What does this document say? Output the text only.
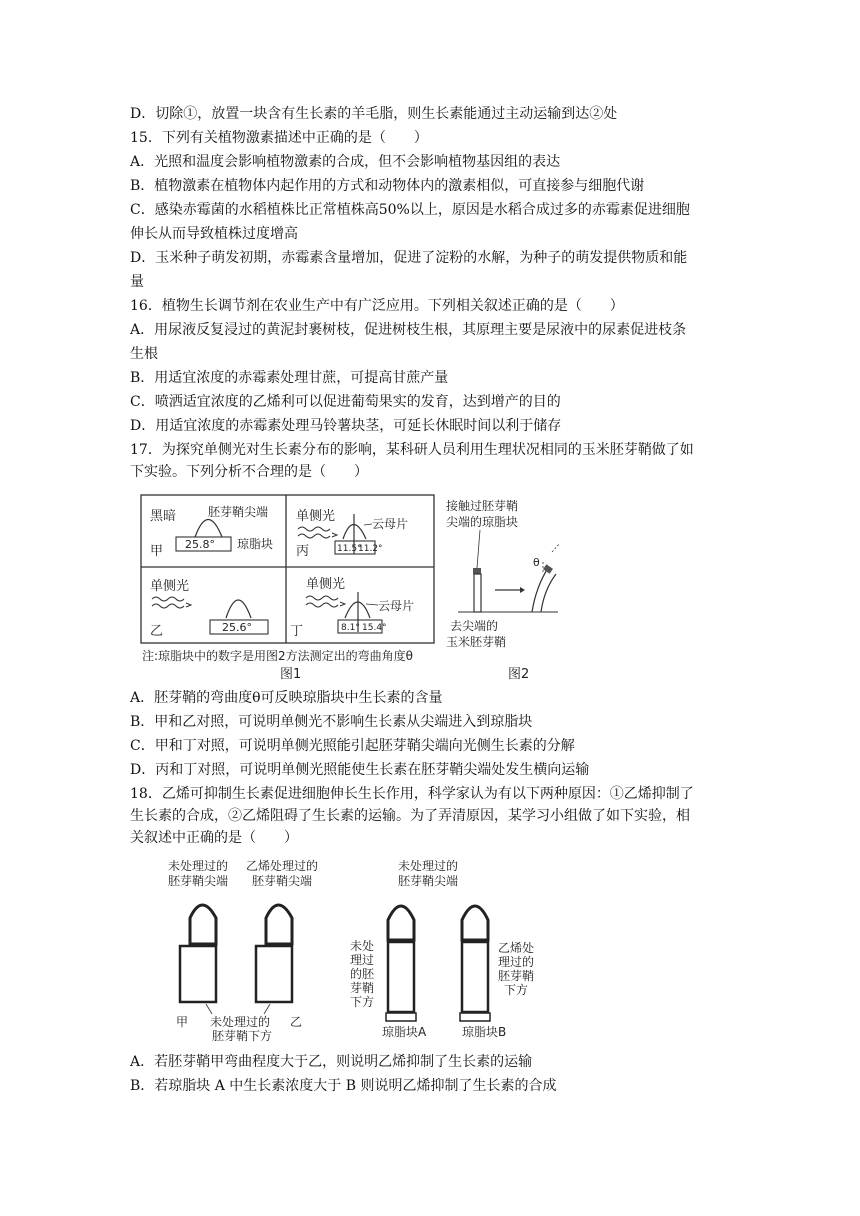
D．切除①，放置一块含有生长素的羊毛脂，则生长素能通过主动运输到达②处
15．下列有关植物激素描述中正确的是（　　）
A．光照和温度会影响植物激素的合成，但不会影响植物基因组的表达
B．植物激素在植物体内起作用的方式和动物体内的激素相似，可直接参与细胞代谢
C．感染赤霉菌的水稻植株比正常植株高50%以上，原因是水稻合成过多的赤霉素促进细胞
伸长从而导致植株过度增高
D．玉米种子萌发初期，赤霉素含量增加，促进了淀粉的水解，为种子的萌发提供物质和能
量
16．植物生长调节剂在农业生产中有广泛应用。下列相关叙述正确的是（　　）
A．用尿液反复浸过的黄泥封裹树枝，促进树枝生根，其原理主要是尿液中的尿素促进枝条
生根
B．用适宜浓度的赤霉素处理甘蔗，可提高甘蔗产量
C．喷洒适宜浓度的乙烯利可以促进葡萄果实的发育，达到增产的目的
D．用适宜浓度的赤霉素处理马铃薯块茎，可延长休眠时间以利于储存
17．为探究单侧光对生长素分布的影响，某科研人员利用生理状况相同的玉米胚芽鞘做了如
下实验。下列分析不合理的是（　　）
黑暗	胚芽鞘尖端
25.8° 琼脂块
甲
单侧光	云母片
11.5°
11.2°
丙
单侧光
25.6°
乙
单侧光
云母片
8.1° 15.4°
丁
注:琼脂块中的数字是用图2方法测定出的弯曲角度θ
图1
接触过胚芽鞘
尖端的琼脂块
θ
去尖端的
玉米胚芽鞘
图2
A．胚芽鞘的弯曲度θ可反映琼脂块中生长素的含量
B．甲和乙对照，可说明单侧光不影响生长素从尖端进入到琼脂块
C．甲和丁对照，可说明单侧光照能引起胚芽鞘尖端向光侧生长素的分解
D．丙和丁对照，可说明单侧光照能使生长素在胚芽鞘尖端处发生横向运输
18．乙烯可抑制生长素促进细胞伸长生长作用，科学家认为有以下两种原因：①乙烯抑制了
生长素的合成，②乙烯阻碍了生长素的运输。为了弄清原因，某学习小组做了如下实验，相
关叙述中正确的是（　　）
未处理过的
胚芽鞘尖端
乙烯处理过的
胚芽鞘尖端
甲 未处理过的
胚芽鞘下方
乙
未处理过的
胚芽鞘尖端
未处
理过
的胚
芽鞘
下方
乙烯处
理过的
胚芽鞘
下方
琼脂块A	琼脂块B
A．若胚芽鞘甲弯曲程度大于乙，则说明乙烯抑制了生长素的运输
B．若琼脂块 A 中生长素浓度大于 B 则说明乙烯抑制了生长素的合成
